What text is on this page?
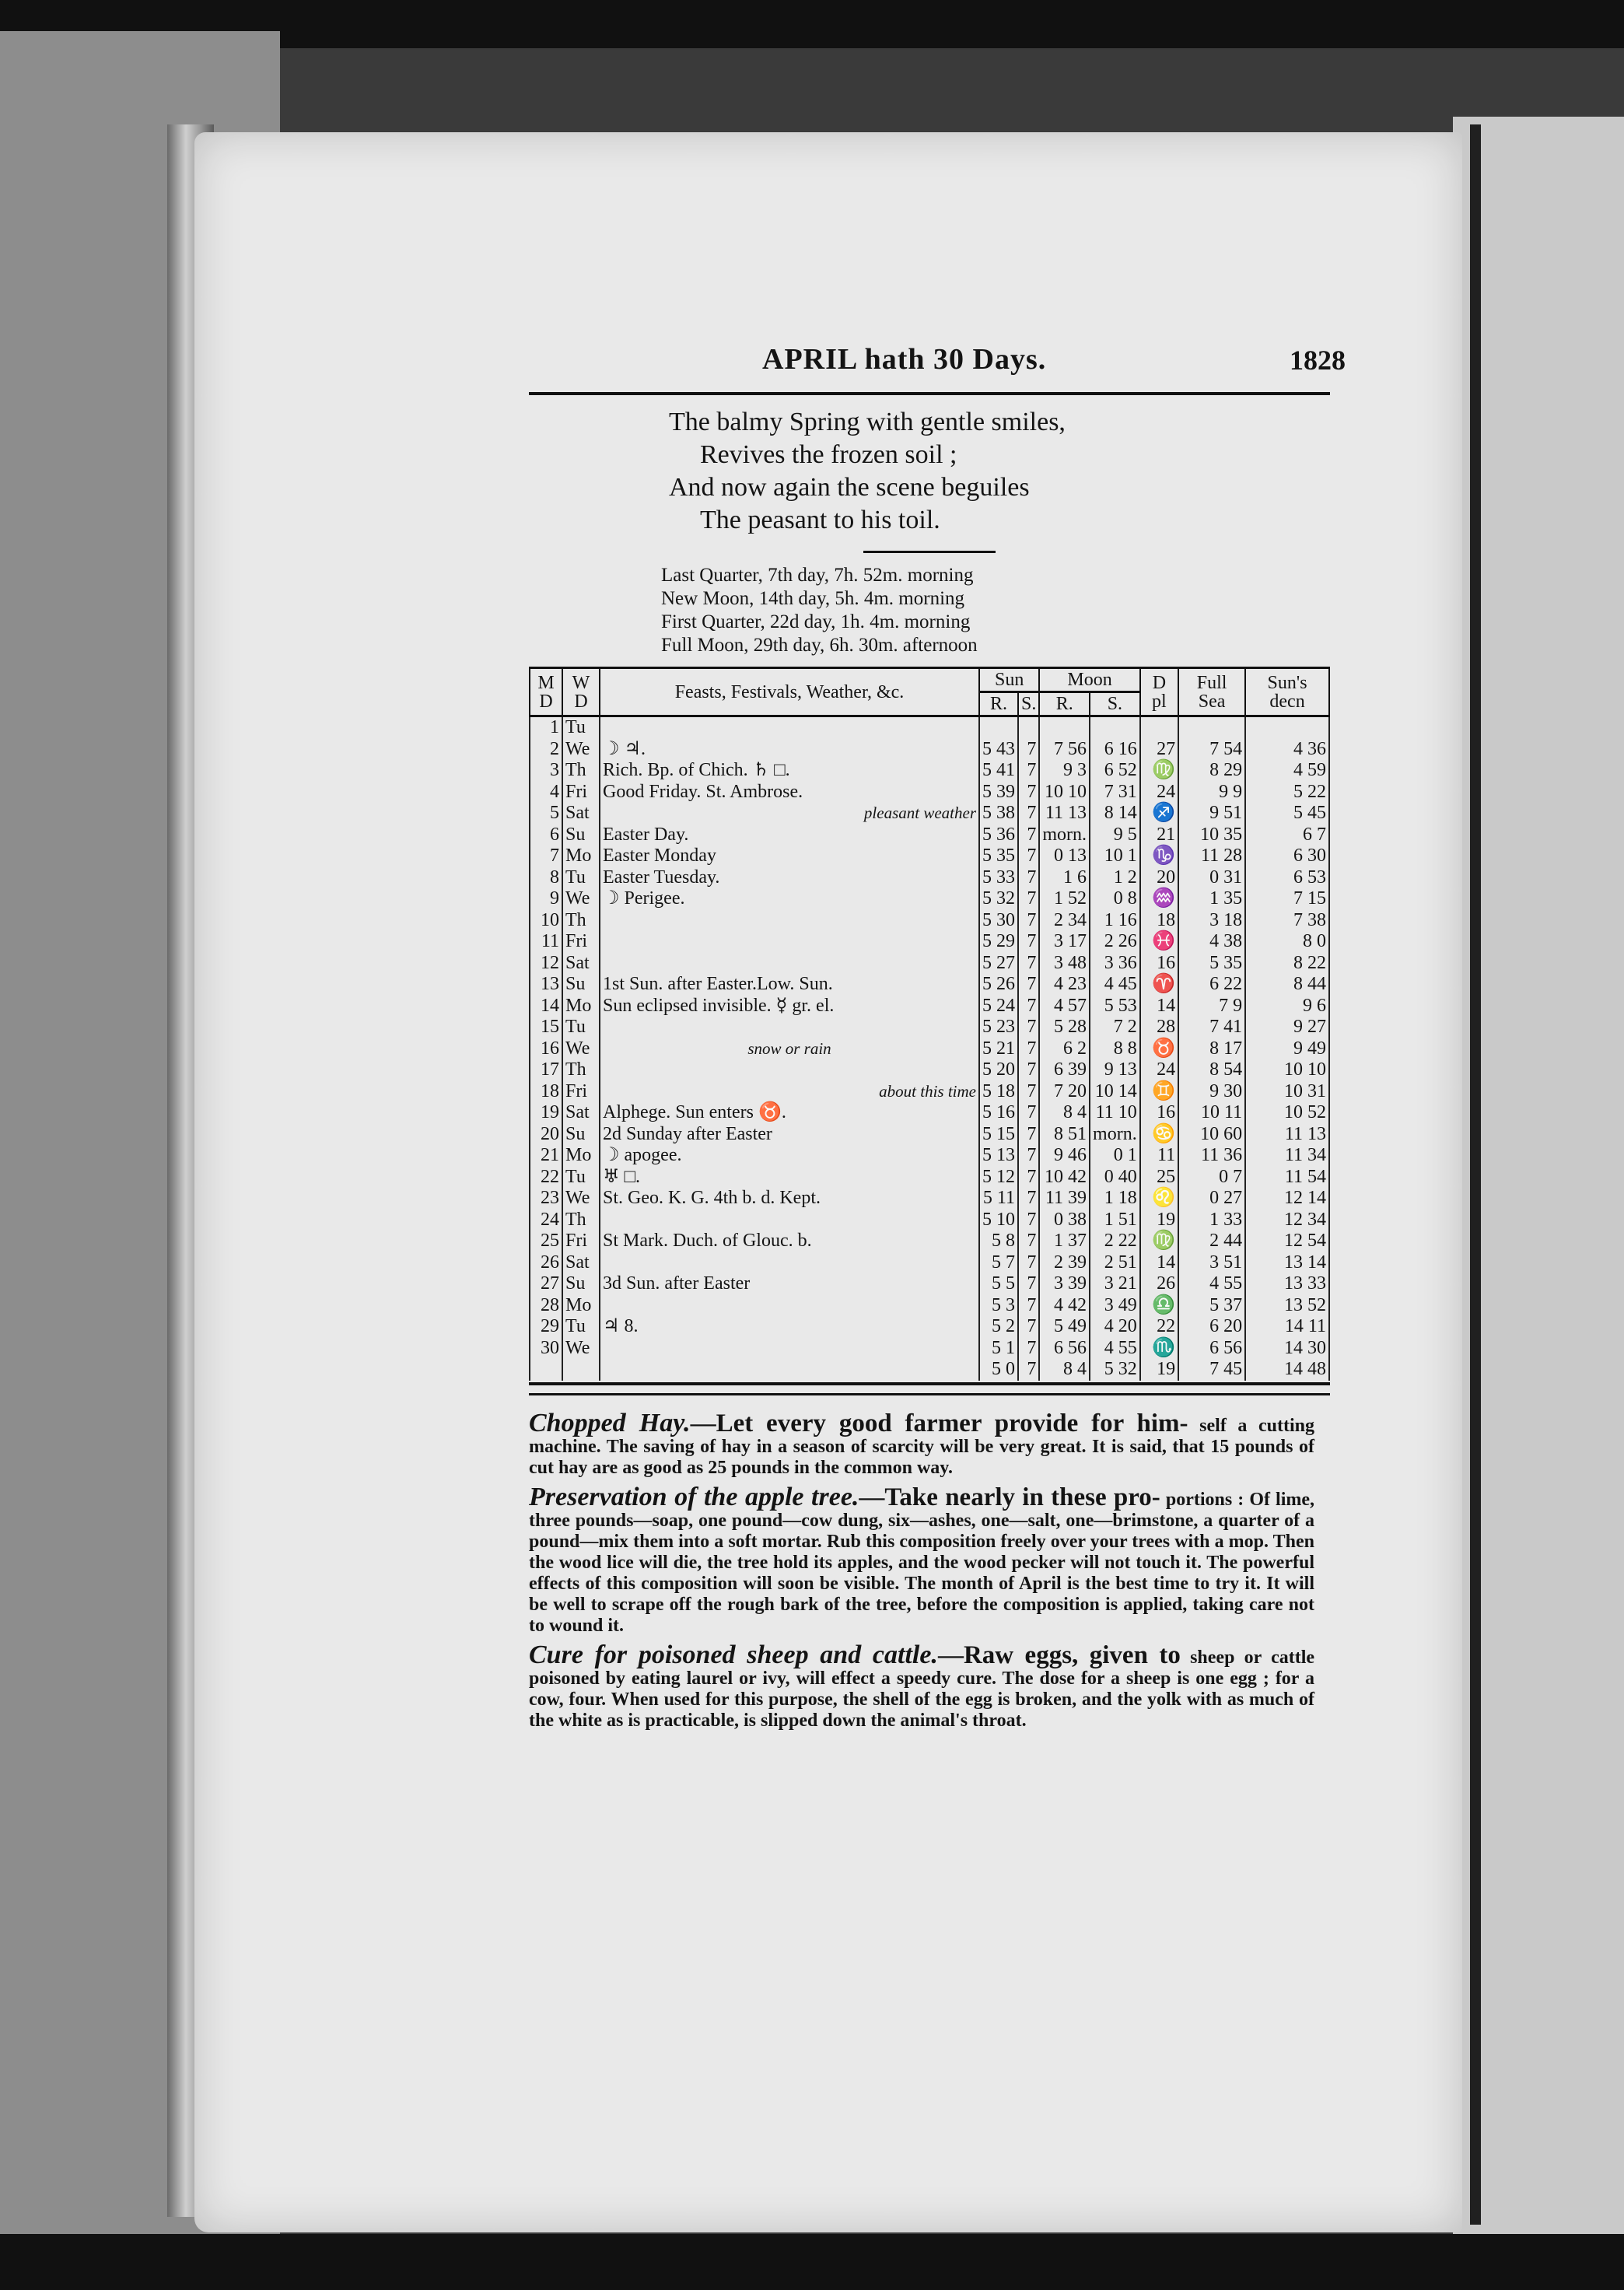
APRIL hath 30 Days.	1828
The balmy Spring with gentle smiles,
Revives the frozen soil ;
And now again the scene beguiles
The peasant to his toil.
Last Quarter, 7th day, 7h. 52m. morning
New Moon, 14th day, 5h. 4m. morning
First Quarter, 22d day, 1h. 4m. morning
Full Moon, 29th day, 6h. 30m. afternoon
M D	W D	Feasts, Festivals, Weather, &c.	Sun		Moon		D pl	Full Sea	Sun's decn
			R.	S.	R.	S.			
1	Tu								
2	We	☽ ♃.	5 43	7	7 56	6 16	27	7 54	4 36
3	Th	Rich. Bp. of Chich. ♄ □.	5 41	7	9 3	6 52	♍	8 29	4 59
4	Fri	Good Friday. St. Ambrose.	5 39	7	10 10	7 31	24	9 9	5 22
5	Sat	pleasant weather	5 38	7	11 13	8 14	♐	9 51	5 45
6	Su	Easter Day.	5 36	7	morn.	9 5	21	10 35	6 7
7	Mo	Easter Monday	5 35	7	0 13	10 1	♑	11 28	6 30
8	Tu	Easter Tuesday.	5 33	7	1 6	1 2	20	0 31	6 53
9	We	☽ Perigee.	5 32	7	1 52	0 8	♒	1 35	7 15
10	Th		5 30	7	2 34	1 16	18	3 18	7 38
11	Fri		5 29	7	3 17	2 26	♓	4 38	8 0
12	Sat		5 27	7	3 48	3 36	16	5 35	8 22
13	Su	1st Sun. after Easter.Low. Sun.	5 26	7	4 23	4 45	♈	6 22	8 44
14	Mo	Sun eclipsed invisible. ☿ gr. el.	5 24	7	4 57	5 53	14	7 9	9 6
15	Tu		5 23	7	5 28	7 2	28	7 41	9 27
16	We	snow or rain	5 21	7	6 2	8 8	♉	8 17	9 49
17	Th		5 20	7	6 39	9 13	24	8 54	10 10
18	Fri	about this time	5 18	7	7 20	10 14	♊	9 30	10 31
19	Sat	Alphege. Sun enters ♉.	5 16	7	8 4	11 10	16	10 11	10 52
20	Su	2d Sunday after Easter	5 15	7	8 51	morn.	♋	10 60	11 13
21	Mo	☽ apogee.	5 13	7	9 46	0 1	11	11 36	11 34
22	Tu	♅ □.	5 12	7	10 42	0 40	25	0 7	11 54
23	We	St. Geo. K. G. 4th b. d. Kept.	5 11	7	11 39	1 18	♌	0 27	12 14
24	Th		5 10	7	0 38	1 51	19	1 33	12 34
25	Fri	St Mark. Duch. of Glouc. b.	5 8	7	1 37	2 22	♍	2 44	12 54
26	Sat		5 7	7	2 39	2 51	14	3 51	13 14
27	Su	3d Sun. after Easter	5 5	7	3 39	3 21	26	4 55	13 33
28	Mo		5 3	7	4 42	3 49	♎	5 37	13 52
29	Tu	♃ 8.	5 2	7	5 49	4 20	22	6 20	14 11
30	We		5 1	7	6 56	4 55	♏	6 56	14 30
			5 0	7	8 4	5 32	19	7 45	14 48

Chopped Hay.—Let every good farmer provide for him- self a cutting machine. The saving of hay in a season of scarcity will be very great. It is said, that 15 pounds of cut hay are as good as 25 pounds in the common way.

Preservation of the apple tree.—Take nearly in these pro- portions : Of lime, three pounds—soap, one pound—cow dung, six—ashes, one—salt, one—brimstone, a quarter of a pound—mix them into a soft mortar. Rub this composition freely over your trees with a mop. Then the wood lice will die, the tree hold its apples, and the wood pecker will not touch it. The powerful effects of this composition will soon be visible. The month of April is the best time to try it. It will be well to scrape off the rough bark of the tree, before the composition is applied, taking care not to wound it.

Cure for poisoned sheep and cattle.—Raw eggs, given to sheep or cattle poisoned by eating laurel or ivy, will effect a speedy cure. The dose for a sheep is one egg ; for a cow, four. When used for this purpose, the shell of the egg is broken, and the yolk with as much of the white as is practicable, is slipped down the animal's throat.
